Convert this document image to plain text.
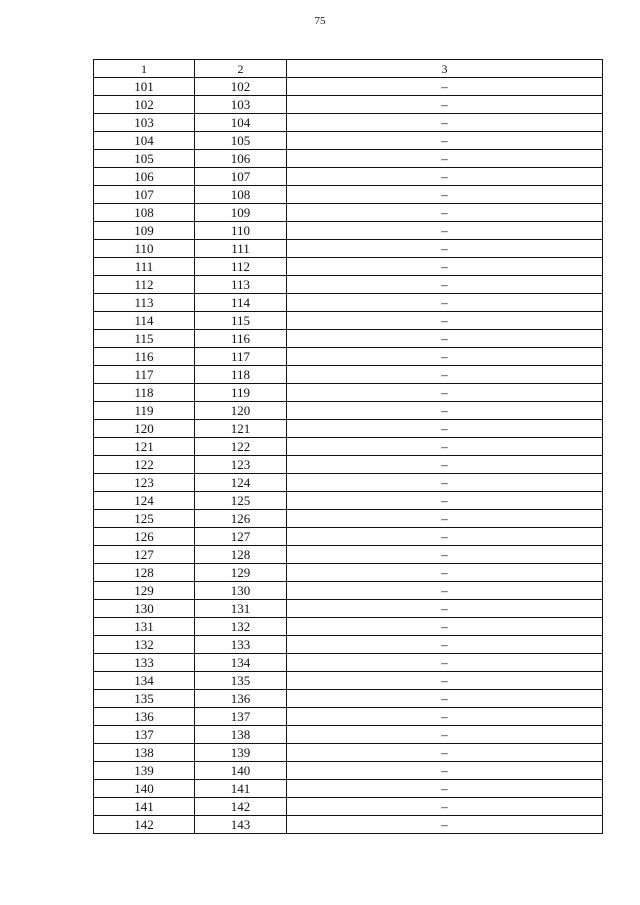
75
1	2	3
101	102	–
102	103	–
103	104	–
104	105	–
105	106	–
106	107	–
107	108	–
108	109	–
109	110	–
110	111	–
111	112	–
112	113	–
113	114	–
114	115	–
115	116	–
116	117	–
117	118	–
118	119	–
119	120	–
120	121	–
121	122	–
122	123	–
123	124	–
124	125	–
125	126	–
126	127	–
127	128	–
128	129	–
129	130	–
130	131	–
131	132	–
132	133	–
133	134	–
134	135	–
135	136	–
136	137	–
137	138	–
138	139	–
139	140	–
140	141	–
141	142	–
142	143	–
